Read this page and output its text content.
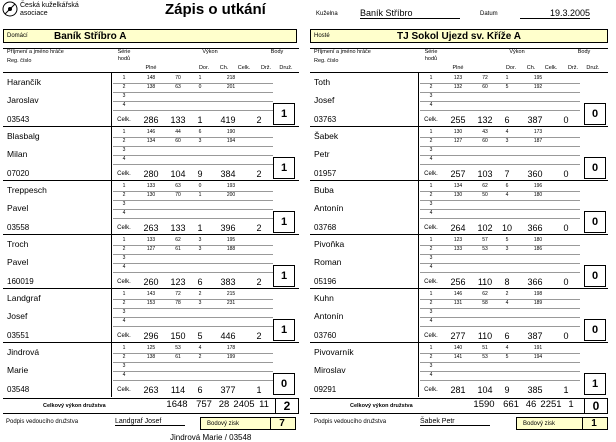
Česká kuželkářská
asociace	Zápis o utkání	Kuželna Baník Stříbro	Datum	19.3.2005
Domácí	Baník Stříbro A	Hosté	TJ Sokol Ujezd sv. Kříže A
Příjmení a jméno hráče
Reg. číslo
Série
hodů
Výkon	Body
Plné	Dor.	Ch.	Celk.	Drž.	Druž.
Příjmení a jméno hráče
Reg. číslo
Série
hodů
Výkon	Body
Plné	Dor.	Ch.	Celk.	Drž.	Druž.
Harančík
Jaroslav
03543
1	148	70	1	218
2	138	63	0	201
3
4
Celk.	286	133	1	419	2	1
Blasbalg
Milan
07020
1	146	44	6	190
2	134	60	3	194
3
4
Celk.	280	104	9	384	2	1
Treppesch
Pavel
03558
1	133	63	0	193
2	130	70	1	200
3
4
Celk.	263	133	1	396	2	1
Troch
Pavel
160019
1	133	62	3	195
2	127	61	3	188
3
4
Celk.	260	123	6	383	2	1
Landgraf
Josef
03551
1	143	72	2	215
2	153	78	3	231
3
4
Celk.	296	150	5	446	2	1
Jindrová
Marie
03548
1	125	53	4	178
2	138	61	2	199
3
4
Celk.	263	114	6	377	1	0
Toth
Josef
03763
1	123	72	1	195
2	132	60	5	192
3
4
Celk.	255	132	6	387	0	0
Šabek
Petr
01957
1	130	43	4	173
2	127	60	3	187
3
4
Celk.	257	103	7	360	0	0
Buba
Antonín
03768
1	134	62	6	196
2	130	50	4	180
3
4
Celk.	264	102	10	366	0	0
Pivoňka
Roman
05196
1	123	57	5	180
2	133	53	3	186
3
4
Celk.	256	110	8	366	0	0
Kuhn
Antonín
03760
1	146	62	2	198
2	131	58	4	189
3
4
Celk.	277	110	6	387	0	0
Pivovarník
Miroslav
09291
1	140	51	4	191
2	141	53	5	194
3
4
Celk.	281	104	9	385	1	1
Celkový výkon družstva	1648 757 28 2405 11	2	Celkový výkon družstva	1590 661 46 2251 1	0
Podpis vedoucího družstva	Landgraf Josef	Bodový zisk	7	Podpis vedoucího družstva	Šabek Petr	Bodový zisk	1
Jindrová Marie / 03548
